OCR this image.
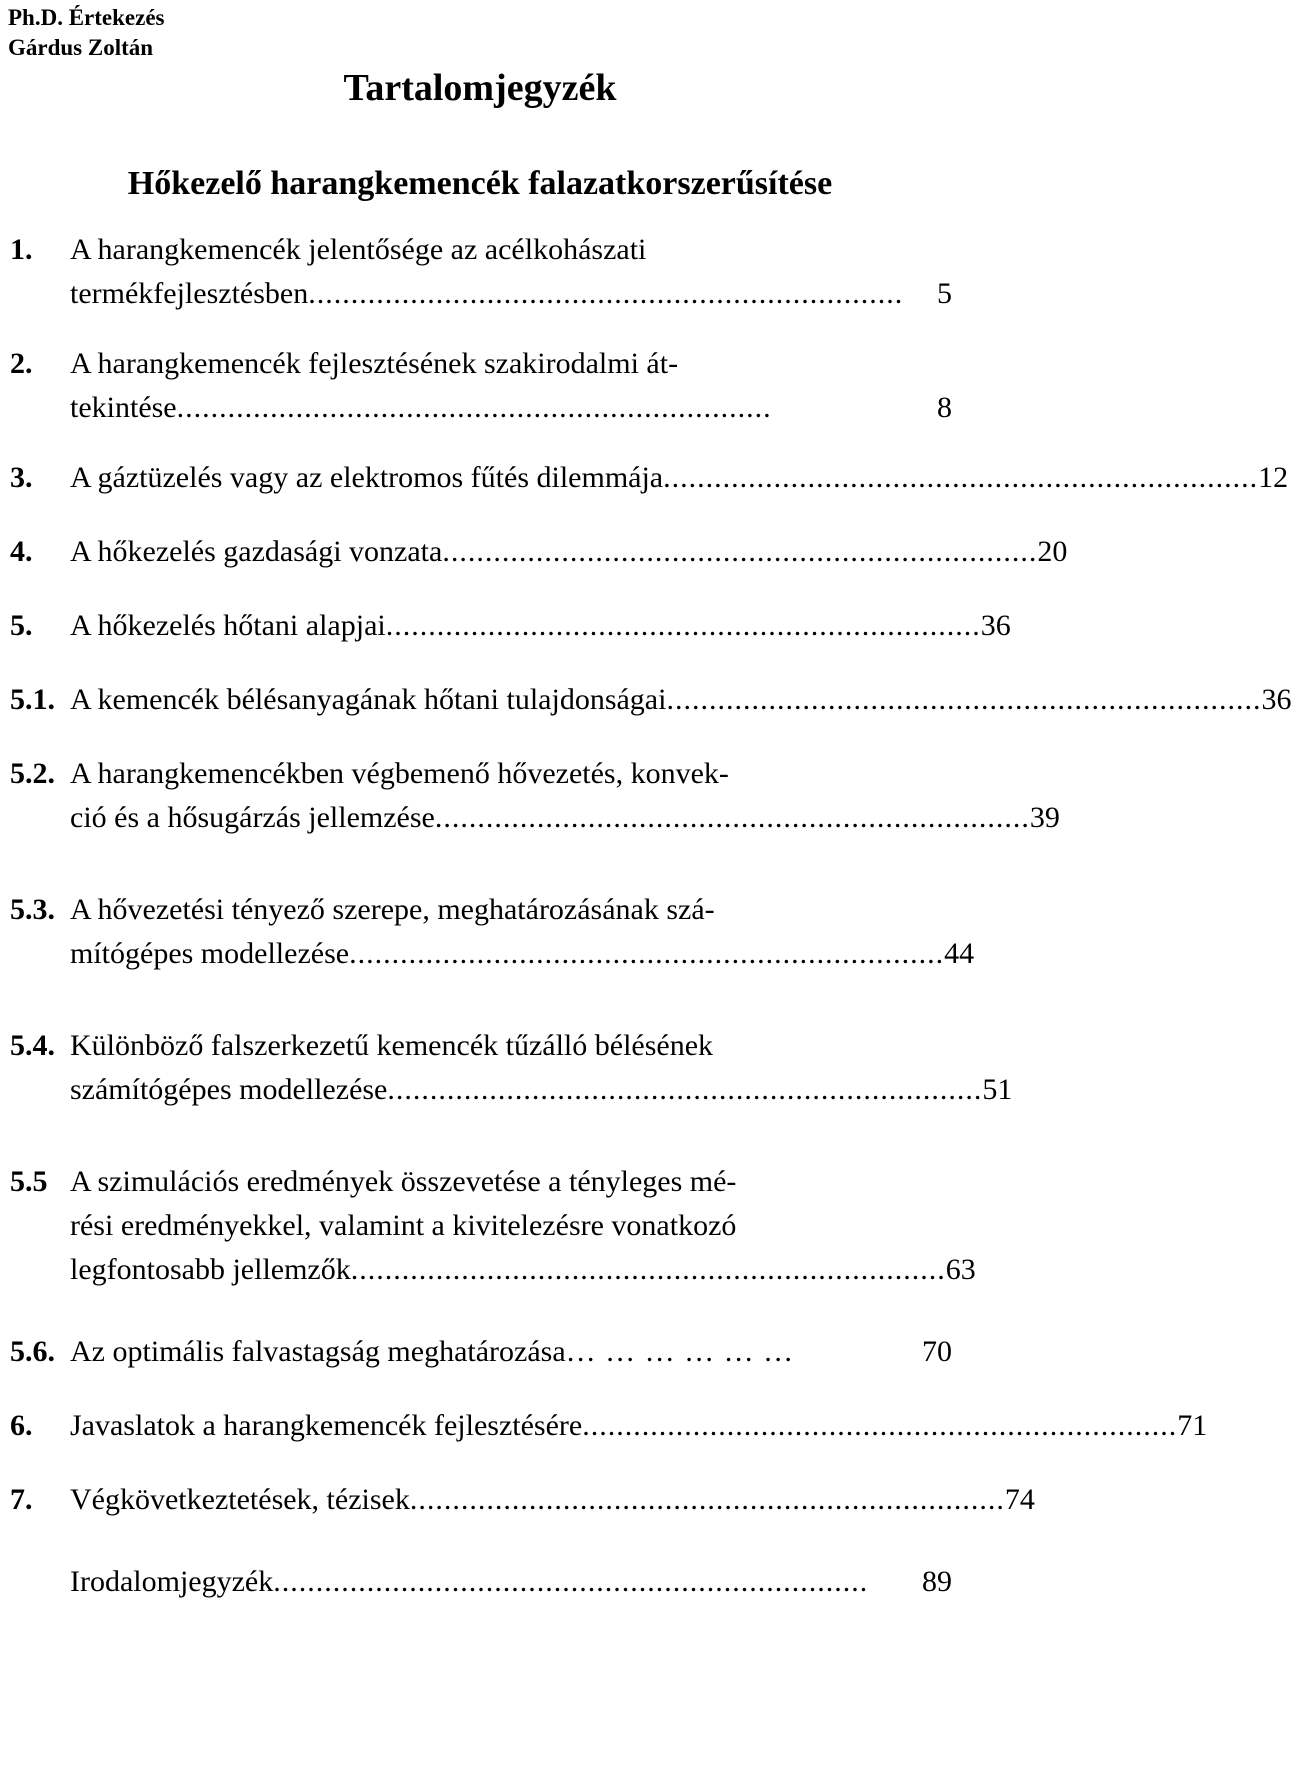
Ph.D. Értekezés
Gárdus Zoltán
Tartalomjegyzék
Hőkezelő harangkemencék falazatkorszerűsítése
1. A harangkemencék jelentősége az acélkohászati
termékfejlesztésben ......................................................................	5
2. A harangkemencék fejlesztésének szakirodalmi át-
tekintése ......................................................................	8
3. A gáztüzelés vagy az elektromos fűtés dilemmája ...................................................................... 12
4. A hőkezelés gazdasági vonzata ...................................................................... 20
5. A hőkezelés hőtani alapjai ...................................................................... 36
5.1. A kemencék bélésanyagának hőtani tulajdonságai ...................................................................... 36
5.2. A harangkemencékben végbemenő hővezetés, konvek-
ció és a hősugárzás jellemzése ...................................................................... 39
5.3. A hővezetési tényező szerepe, meghatározásának szá-
mítógépes modellezése ...................................................................... 44
5.4. Különböző falszerkezetű kemencék tűzálló bélésének
számítógépes modellezése ...................................................................... 51
5.5 A szimulációs eredmények összevetése a tényleges mé-
rési eredményekkel, valamint a kivitelezésre vonatkozó
legfontosabb jellemzők ...................................................................... 63
5.6. Az optimális falvastagság meghatározása … … … … … …	70
6. Javaslatok a harangkemencék fejlesztésére ...................................................................... 71
7. Végkövetkeztetések, tézisek ...................................................................... 74
Irodalomjegyzék ......................................................................	89
